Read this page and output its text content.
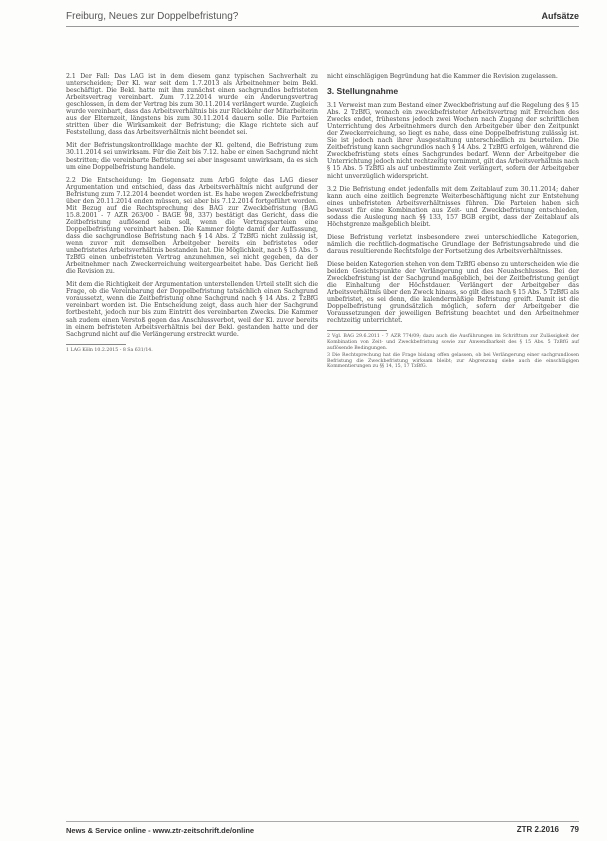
Freiburg, Neues zur Doppelbefristung?	Aufsätze

2.1 Der Fall: Das LAG ist in dem diesem ganz typischen Sachverhalt zu unterscheiden; Der Kl. war seit dem 1.7.2013 als Arbeitnehmer beim Bekl. beschäftigt. Die Bekl. hatte mit ihm zunächst einen sachgrundlos befristeten Arbeitsvertrag vereinbart. Zum 7.12.2014 wurde ein Änderungsvertrag geschlossen, in dem der Vertrag bis zum 30.11.2014 verlängert wurde. Zugleich wurde vereinbart, dass das Arbeitsverhältnis bis zur Rückkehr der Mitarbeiterin aus der Elternzeit, längstens bis zum 30.11.2014 dauern solle. Die Parteien stritten über die Wirksamkeit der Befristung; die Klage richtete sich auf Feststellung, dass das Arbeitsverhältnis nicht beendet sei.

Mit der Befristungskontrollklage machte der Kl. geltend, die Befristung zum 30.11.2014 sei unwirksam. Für die Zeit bis 7.12. habe er einen Sachgrund nicht bestritten; die vereinbarte Befristung sei aber insgesamt unwirksam, da es sich um eine Doppelbefristung handele.

2.2 Die Entscheidung: Im Gegensatz zum ArbG folgte das LAG dieser Argumentation und entschied, dass das Arbeitsverhältnis nicht aufgrund der Befristung zum 7.12.2014 beendet worden ist. Es habe wegen Zweckbefristung über den 20.11.2014 enden müssen, sei aber bis 7.12.2014 fortgeführt worden. Mit Bezug auf die Rechtsprechung des BAG zur Zweckbefristung (BAG 15.8.2001 - 7 AZR 263/00 - BAGE 98, 337) bestätigt das Gericht, dass die Zeitbefristung auflösend sein soll, wenn die Vertragsparteien eine Doppelbefristung vereinbart haben. Die Kammer folgte damit der Auffassung, dass die sachgrundlose Befristung nach § 14 Abs. 2 TzBfG nicht zulässig ist, wenn zuvor mit demselben Arbeitgeber bereits ein befristetes oder unbefristetes Arbeitsverhältnis bestanden hat. Die Möglichkeit, nach § 15 Abs. 5 TzBfG einen unbefristeten Vertrag anzunehmen, sei nicht gegeben, da der Arbeitnehmer nach Zweckerreichung weitergearbeitet habe. Das Gericht ließ die Revision zu.

Mit dem die Richtigkeit der Argumentation unterstellenden Urteil stellt sich die Frage, ob die Vereinbarung der Doppelbefristung tatsächlich einen Sachgrund voraussetzt, wenn die Zeitbefristung ohne Sachgrund nach § 14 Abs. 2 TzBfG vereinbart worden ist. Die Entscheidung zeigt, dass auch hier der Sachgrund fortbesteht, jedoch nur bis zum Eintritt des vereinbarten Zwecks. Die Kammer sah zudem einen Verstoß gegen das Anschlussverbot, weil der Kl. zuvor bereits in einem befristeten Arbeitsverhältnis bei der Bekl. gestanden hatte und der Sachgrund nicht auf die Verlängerung erstreckt wurde.

1 LAG Köln 10.2.2015 - 8 Sa 631/14.

nicht einschlägigen Begründung hat die Kammer die Revision zugelassen.

3. Stellungnahme

3.1 Verweist man zum Bestand einer Zweckbefristung auf die Regelung des § 15 Abs. 2 TzBfG, wonach ein zweckbefristeter Arbeitsvertrag mit Erreichen des Zwecks endet, frühestens jedoch zwei Wochen nach Zugang der schriftlichen Unterrichtung des Arbeitnehmers durch den Arbeitgeber über den Zeitpunkt der Zweckerreichung, so liegt es nahe, dass eine Doppelbefristung zulässig ist. Sie ist jedoch nach ihrer Ausgestaltung unterschiedlich zu beurteilen. Die Zeitbefristung kann sachgrundlos nach § 14 Abs. 2 TzBfG erfolgen, während die Zweckbefristung stets eines Sachgrundes bedarf. Wenn der Arbeitgeber die Unterrichtung jedoch nicht rechtzeitig vornimmt, gilt das Arbeitsverhältnis nach § 15 Abs. 5 TzBfG als auf unbestimmte Zeit verlängert, sofern der Arbeitgeber nicht unverzüglich widerspricht.

3.2 Die Befristung endet jedenfalls mit dem Zeitablauf zum 30.11.2014; daher kann auch eine zeitlich begrenzte Weiterbeschäftigung nicht zur Entstehung eines unbefristeten Arbeitsverhältnisses führen. Die Parteien haben sich bewusst für eine Kombination aus Zeit- und Zweckbefristung entschieden, sodass die Auslegung nach §§ 133, 157 BGB ergibt, dass der Zeitablauf als Höchstgrenze maßgeblich bleibt.

Diese Befristung verletzt insbesondere zwei unterschiedliche Kategorien, nämlich die rechtlich-dogmatische Grundlage der Befristungsabrede und die daraus resultierende Rechtsfolge der Fortsetzung des Arbeitsverhältnisses.

Diese beiden Kategorien stehen von dem TzBfG ebenso zu unterscheiden wie die beiden Gesichtspunkte der Verlängerung und des Neuabschlusses. Bei der Zweckbefristung ist der Sachgrund maßgeblich, bei der Zeitbefristung genügt die Einhaltung der Höchstdauer. Verlängert der Arbeitgeber das Arbeitsverhältnis über den Zweck hinaus, so gilt dies nach § 15 Abs. 5 TzBfG als unbefristet, es sei denn, die kalendermäßige Befristung greift. Damit ist die Doppelbefristung grundsätzlich möglich, sofern der Arbeitgeber die Voraussetzungen der jeweiligen Befristung beachtet und den Arbeitnehmer rechtzeitig unterrichtet.

2 Vgl. BAG 29.6.2011 - 7 AZR 774/09; dazu auch die Ausführungen im Schrifttum zur Zulässigkeit der Kombination von Zeit- und Zweckbefristung sowie zur Anwendbarkeit des § 15 Abs. 5 TzBfG auf auflösende Bedingungen.

3 Die Rechtsprechung hat die Frage bislang offen gelassen, ob bei Verlängerung einer sachgrundlosen Befristung die Zweckbefristung wirksam bleibt; zur Abgrenzung siehe auch die einschlägigen Kommentierungen zu §§ 14, 15, 17 TzBfG.

News & Service online - www.ztr-zeitschrift.de/online	ZTR 2.2016 79
